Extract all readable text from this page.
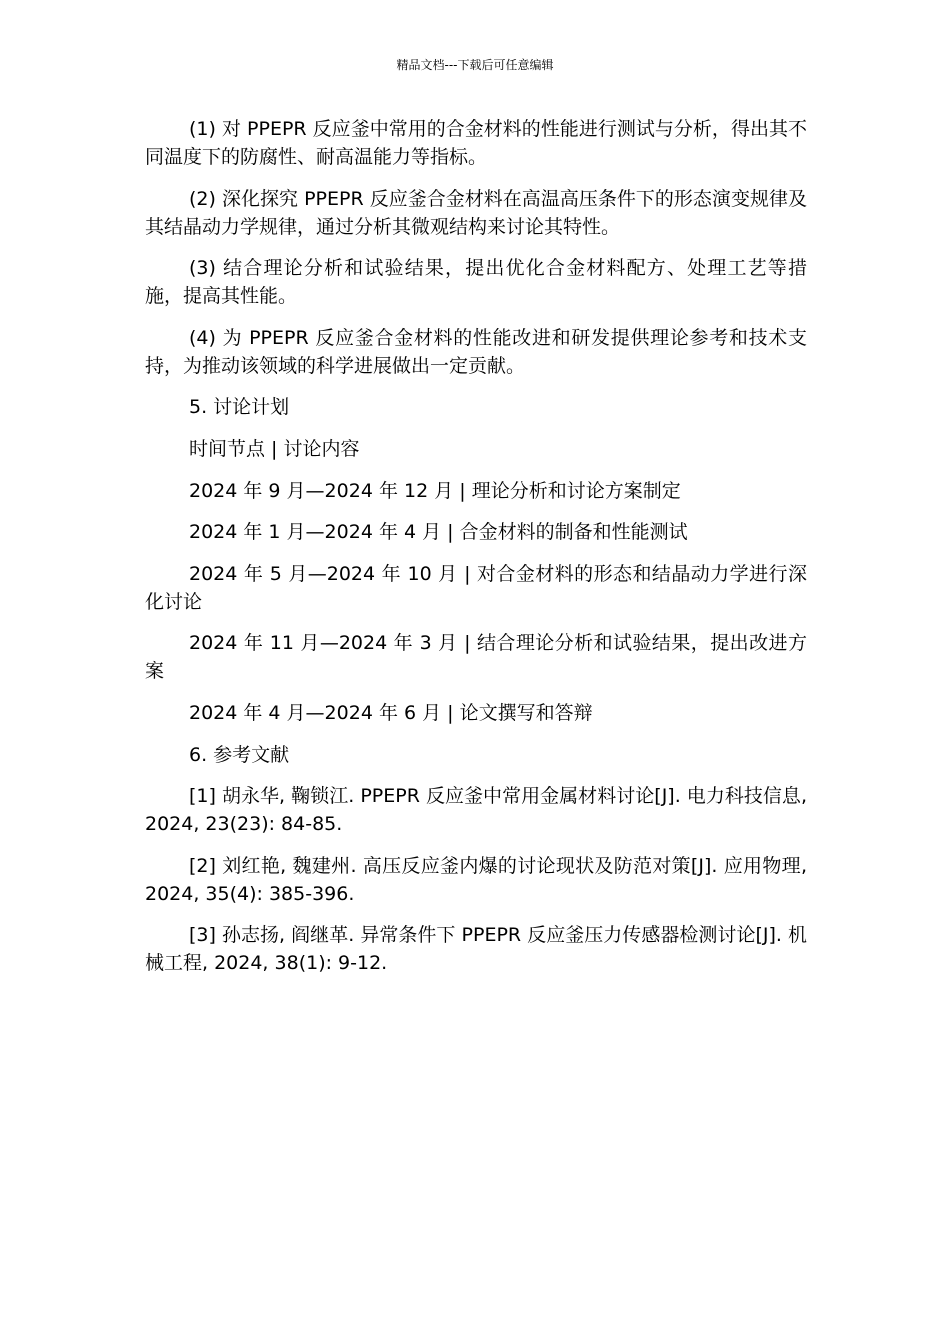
精品文档---下载后可任意编辑

(1) 对 PPEPR 反应釜中常用的合金材料的性能进行测试与分析，得出其不同温度下的防腐性、耐高温能力等指标。

(2) 深化探究 PPEPR 反应釜合金材料在高温高压条件下的形态演变规律及其结晶动力学规律，通过分析其微观结构来讨论其特性。

(3) 结合理论分析和试验结果，提出优化合金材料配方、处理工艺等措施，提高其性能。

(4) 为 PPEPR 反应釜合金材料的性能改进和研发提供理论参考和技术支持，为推动该领域的科学进展做出一定贡献。

5. 讨论计划

时间节点 | 讨论内容

2024 年 9 月—2024 年 12 月 | 理论分析和讨论方案制定

2024 年 1 月—2024 年 4 月 | 合金材料的制备和性能测试

2024 年 5 月—2024 年 10 月 | 对合金材料的形态和结晶动力学进行深化讨论

2024 年 11 月—2024 年 3 月 | 结合理论分析和试验结果，提出改进方案

2024 年 4 月—2024 年 6 月 | 论文撰写和答辩

6. 参考文献

[1] 胡永华, 鞠锁江. PPEPR 反应釜中常用金属材料讨论[J]. 电力科技信息, 2024, 23(23): 84-85.

[2] 刘红艳, 魏建州. 高压反应釜内爆的讨论现状及防范对策[J]. 应用物理, 2024, 35(4): 385-396.

[3] 孙志扬, 阎继革. 异常条件下 PPEPR 反应釜压力传感器检测讨论[J]. 机械工程, 2024, 38(1): 9-12.
